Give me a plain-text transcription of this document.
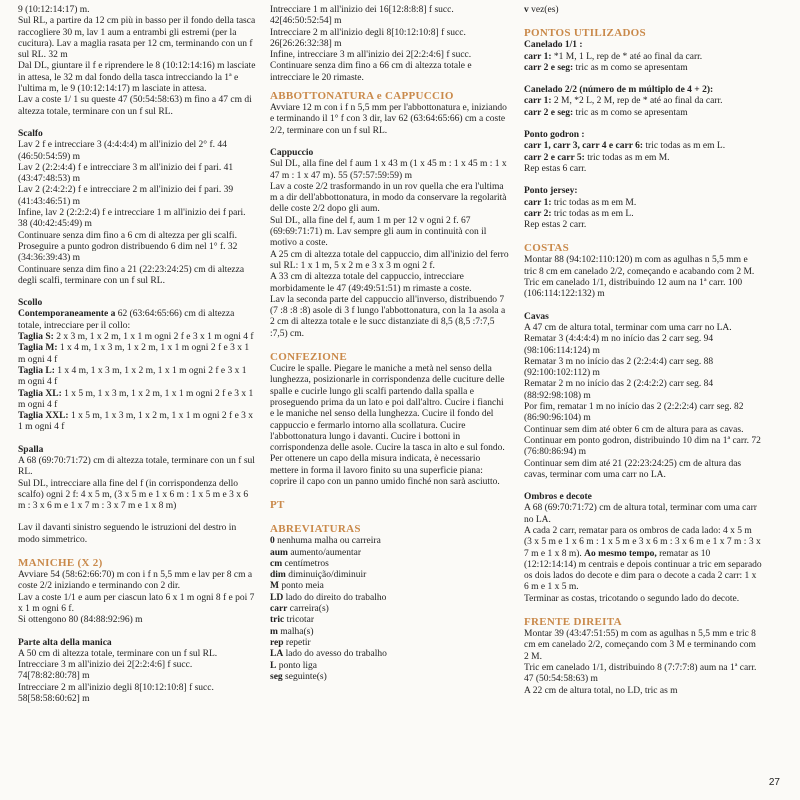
9 (10:12:14:17) m.

Sul RL, a partire da 12 cm più in basso per il fondo della tasca raccogliere 30 m, lav 1 aum a entrambi gli estremi (per la cucitura). Lav a maglia rasata per 12 cm, terminando con un f sul RL. 32 m

Dal DL, giuntare il f e riprendere le 8 (10:12:14:16) m lasciate in attesa, le 32 m dal fondo della tasca intrecciando la 1ª e l'ultima m, le 9 (10:12:14:17) m lasciate in attesa.

Lav a coste 1/ 1 su queste 47 (50:54:58:63) m fino a 47 cm di altezza totale, terminare con un f sul RL.

Scalfo

Lav 2 f e intrecciare 3 (4:4:4:4) m all'inizio del 2° f. 44 (46:50:54:59) m

Lav 2 (2:2:4:4) f e intrecciare 3 m all'inizio dei f pari. 41 (43:47:48:53) m

Lav 2 (2:4:2:2) f e intrecciare 2 m all'inizio dei f pari. 39 (41:43:46:51) m

Infine, lav 2 (2:2:2:4) f e intrecciare 1 m all'inizio dei f pari. 38 (40:42:45:49) m

Continuare senza dim fino a 6 cm di altezza per gli scalfi.

Proseguire a punto godron distribuendo 6 dim nel 1° f. 32 (34:36:39:43) m

Continuare senza dim fino a 21 (22:23:24:25) cm di altezza degli scalfi, terminare con un f sul RL.

Scollo

Contemporaneamente a 62 (63:64:65:66) cm di altezza totale, intrecciare per il collo:

Taglia S: 2 x 3 m, 1 x 2 m, 1 x 1 m ogni 2 f e 3 x 1 m ogni 4 f

Taglia M: 1 x 4 m, 1 x 3 m, 1 x 2 m, 1 x 1 m ogni 2 f e 3 x 1 m ogni 4 f

Taglia L: 1 x 4 m, 1 x 3 m, 1 x 2 m, 1 x 1 m ogni 2 f e 3 x 1 m ogni 4 f

Taglia XL: 1 x 5 m, 1 x 3 m, 1 x 2 m, 1 x 1 m ogni 2 f e 3 x 1 m ogni 4 f

Taglia XXL: 1 x 5 m, 1 x 3 m, 1 x 2 m, 1 x 1 m ogni 2 f e 3 x 1 m ogni 4 f

Spalla

A 68 (69:70:71:72) cm di altezza totale, terminare con un f sul RL.

Sul DL, intrecciare alla fine del f (in corrispondenza dello scalfo) ogni 2 f: 4 x 5 m, (3 x 5 m e 1 x 6 m : 1 x 5 m e 3 x 6 m : 3 x 6 m e 1 x 7 m : 3 x 7 m e 1 x 8 m)

Lav il davanti sinistro seguendo le istruzioni del destro in modo simmetrico.

MANICHE (X 2)

Avviare 54 (58:62:66:70) m con i f n 5,5 mm e lav per 8 cm a coste 2/2 iniziando e terminando con 2 dir.

Lav a coste 1/1 e aum per ciascun lato 6 x 1 m ogni 8 f e poi 7 x 1 m ogni 6 f.

Si ottengono 80 (84:88:92:96) m

Parte alta della manica

A 50 cm di altezza totale, terminare con un f sul RL.

Intrecciare 3 m all'inizio dei 2[2:2:4:6] f succ. 74[78:82:80:78] m

Intrecciare 2 m all'inizio degli 8[10:12:10:8] f succ. 58[58:58:60:62] m

Intrecciare 1 m all'inizio dei 16[12:8:8:8] f succ. 42[46:50:52:54] m

Intrecciare 2 m all'inizio degli 8[10:12:10:8] f succ. 26[26:26:32:38] m

Infine, intrecciare 3 m all'inizio dei 2[2:2:4:6] f succ.

Continuare senza dim fino a 66 cm di altezza totale e intrecciare le 20 rimaste.

ABBOTTONATURA e CAPPUCCIO

Avviare 12 m con i f n 5,5 mm per l'abbottonatura e, iniziando e terminando il 1° f con 3 dir, lav 62 (63:64:65:66) cm a coste 2/2, terminare con un f sul RL.

Cappuccio

Sul DL, alla fine del f aum 1 x 43 m (1 x 45 m : 1 x 45 m : 1 x 47 m : 1 x 47 m). 55 (57:57:59:59) m

Lav a coste 2/2 trasformando in un rov quella che era l'ultima m a dir dell'abbottonatura, in modo da conservare la regolarità delle coste 2/2 dopo gli aum.

Sul DL, alla fine del f, aum 1 m per 12 v ogni 2 f. 67 (69:69:71:71) m. Lav sempre gli aum in continuità con il motivo a coste.

A 25 cm di altezza totale del cappuccio, dim all'inizio del ferro sul RL: 1 x 1 m, 5 x 2 m e 3 x 3 m ogni 2 f.

A 33 cm di altezza totale del cappuccio, intrecciare morbidamente le 47 (49:49:51:51) m rimaste a coste.

Lav la seconda parte del cappuccio all'inverso, distribuendo 7 (7 :8 :8 :8) asole di 3 f lungo l'abbottonatura, con la 1a asola a 2 cm di altezza totale e le succ distanziate di 8,5 (8,5 :7:7,5 :7,5) cm.

CONFEZIONE

Cucire le spalle. Piegare le maniche a metà nel senso della lunghezza, posizionarle in corrispondenza delle cuciture delle spalle e cucirle lungo gli scalfi partendo dalla spalla e proseguendo prima da un lato e poi dall'altro. Cucire i fianchi e le maniche nel senso della lunghezza. Cucire il fondo del cappuccio e fermarlo intorno alla scollatura. Cucire l'abbottonatura lungo i davanti. Cucire i bottoni in corrispondenza delle asole. Cucire la tasca in alto e sul fondo. Per ottenere un capo della misura indicata, è necessario mettere in forma il lavoro finito su una superficie piana: coprire il capo con un panno umido finché non sarà asciutto.

PT
ABREVIATURAS

0 nenhuma malha ou carreira

aum aumento/aumentar

cm centímetros

dim diminuição/diminuir

M ponto meia

LD lado do direito do trabalho

carr carreira(s)

tric tricotar

m malha(s)

rep repetir

LA lado do avesso do trabalho

L ponto liga

seg seguinte(s)

v vez(es)

PONTOS UTILIZADOS
Canelado 1/1 :

carr 1: *1 M, 1 L, rep de * até ao final da carr.

carr 2 e seg: tric as m como se apresentam

Canelado 2/2 (número de m múltiplo de 4 + 2):

carr 1: 2 M, *2 L, 2 M, rep de * até ao final da carr.

carr 2 e seg: tric as m como se apresentam

Ponto godron :

carr 1, carr 3, carr 4 e carr 6: tric todas as m em L.

carr 2 e carr 5: tric todas as m em M.

Rep estas 6 carr.

Ponto jersey:

carr 1: tric todas as m em M.

carr 2: tric todas as m em L.

Rep estas 2 carr.

COSTAS

Montar 88 (94:102:110:120) m com as agulhas n 5,5 mm e tric 8 cm em canelado 2/2, começando e acabando com 2 M.

Tric em canelado 1/1, distribuindo 12 aum na 1ª carr. 100 (106:114:122:132) m

Cavas

A 47 cm de altura total, terminar com uma carr no LA.

Rematar 3 (4:4:4:4) m no início das 2 carr seg. 94 (98:106:114:124) m

Rematar 3 m no início das 2 (2:2:4:4) carr seg. 88 (92:100:102:112) m

Rematar 2 m no início das 2 (2:4:2:2) carr seg. 84 (88:92:98:108) m

Por fim, rematar 1 m no início das 2 (2:2:2:4) carr seg. 82 (86:90:96:104) m

Continuar sem dim até obter 6 cm de altura para as cavas.

Continuar em ponto godron, distribuindo 10 dim na 1ª carr. 72 (76:80:86:94) m

Continuar sem dim até 21 (22:23:24:25) cm de altura das cavas, terminar com uma carr no LA.

Ombros e decote

A 68 (69:70:71:72) cm de altura total, terminar com uma carr no LA.

A cada 2 carr, rematar para os ombros de cada lado: 4 x 5 m (3 x 5 m e 1 x 6 m : 1 x 5 m e 3 x 6 m : 3 x 6 m e 1 x 7 m : 3 x 7 m e 1 x 8 m). Ao mesmo tempo, rematar as 10 (12:12:14:14) m centrais e depois continuar a tric em separado os dois lados do decote e dim para o decote a cada 2 carr: 1 x 6 m e 1 x 5 m.

Terminar as costas, tricotando o segundo lado do decote.

FRENTE DIREITA

Montar 39 (43:47:51:55) m com as agulhas n 5,5 mm e tric 8 cm em canelado 2/2, começando com 3 M e terminando com 2 M.

Tric em canelado 1/1, distribuindo 8 (7:7:7:8) aum na 1ª carr. 47 (50:54:58:63) m

A 22 cm de altura total, no LD, tric as m

27
